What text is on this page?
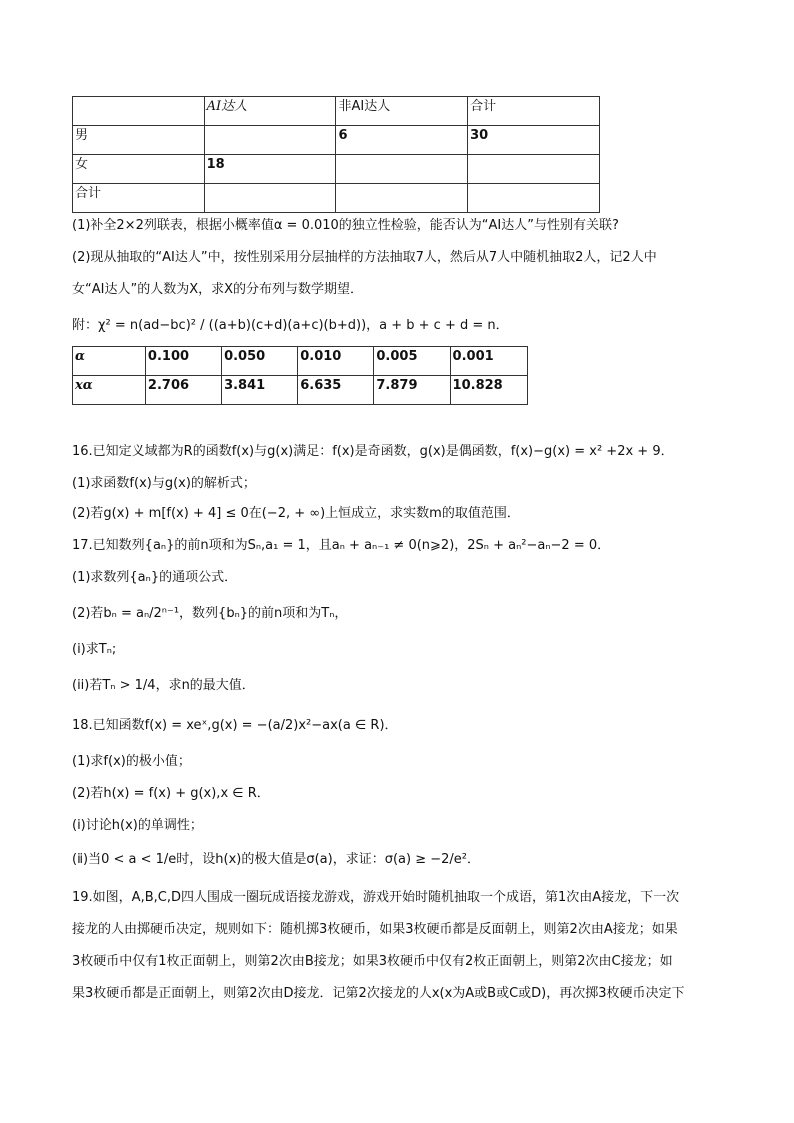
	AI达人	非AI达人	合计
男		6	30
女	18		
合计			
(1)补全2×2列联表，根据小概率值α = 0.010的独立性检验，能否认为“AI达人”与性别有关联?
(2)现从抽取的“AI达人”中，按性别采用分层抽样的方法抽取7人，然后从7人中随机抽取2人，记2人中
女“AI达人”的人数为X，求X的分布列与数学期望．
附：χ² = n(ad−bc)² / ((a+b)(c+d)(a+c)(b+d))，a + b + c + d = n．
α	0.100	0.050	0.010	0.005	0.001
xα	2.706	3.841	6.635	7.879	10.828
16.已知定义域都为R的函数f(x)与g(x)满足：f(x)是奇函数，g(x)是偶函数，f(x)−g(x) = x² +2x + 9．
(1)求函数f(x)与g(x)的解析式；
(2)若g(x) + m[f(x) + 4] ≤ 0在(−2, + ∞)上恒成立，求实数m的取值范围．
17.已知数列{aₙ}的前n项和为Sₙ,a₁ = 1，且aₙ + aₙ₋₁ ≠ 0(n⩾2)，2Sₙ + aₙ²−aₙ−2 = 0．
(1)求数列{aₙ}的通项公式．
(2)若bₙ = aₙ/2ⁿ⁻¹，数列{bₙ}的前n项和为Tₙ，
(i)求Tₙ;
(ii)若Tₙ > 1/4，求n的最大值．
18.已知函数f(x) = xeˣ,g(x) = −(a/2)x²−ax(a ∈ R)．
(1)求f(x)的极小值；
(2)若h(x) = f(x) + g(x),x ∈ R．
(ⅰ)讨论h(x)的单调性；
(ⅱ)当0 < a < 1/e时，设h(x)的极大值是σ(a)，求证：σ(a) ≥ −2/e²．
19.如图，A,B,C,D四人围成一圈玩成语接龙游戏，游戏开始时随机抽取一个成语，第1次由A接龙，下一次
接龙的人由掷硬币决定，规则如下：随机掷3枚硬币，如果3枚硬币都是反面朝上，则第2次由A接龙；如果
3枚硬币中仅有1枚正面朝上，则第2次由B接龙；如果3枚硬币中仅有2枚正面朝上，则第2次由C接龙；如
果3枚硬币都是正面朝上，则第2次由D接龙．记第2次接龙的人x(x为A或B或C或D)，再次掷3枚硬币决定下
